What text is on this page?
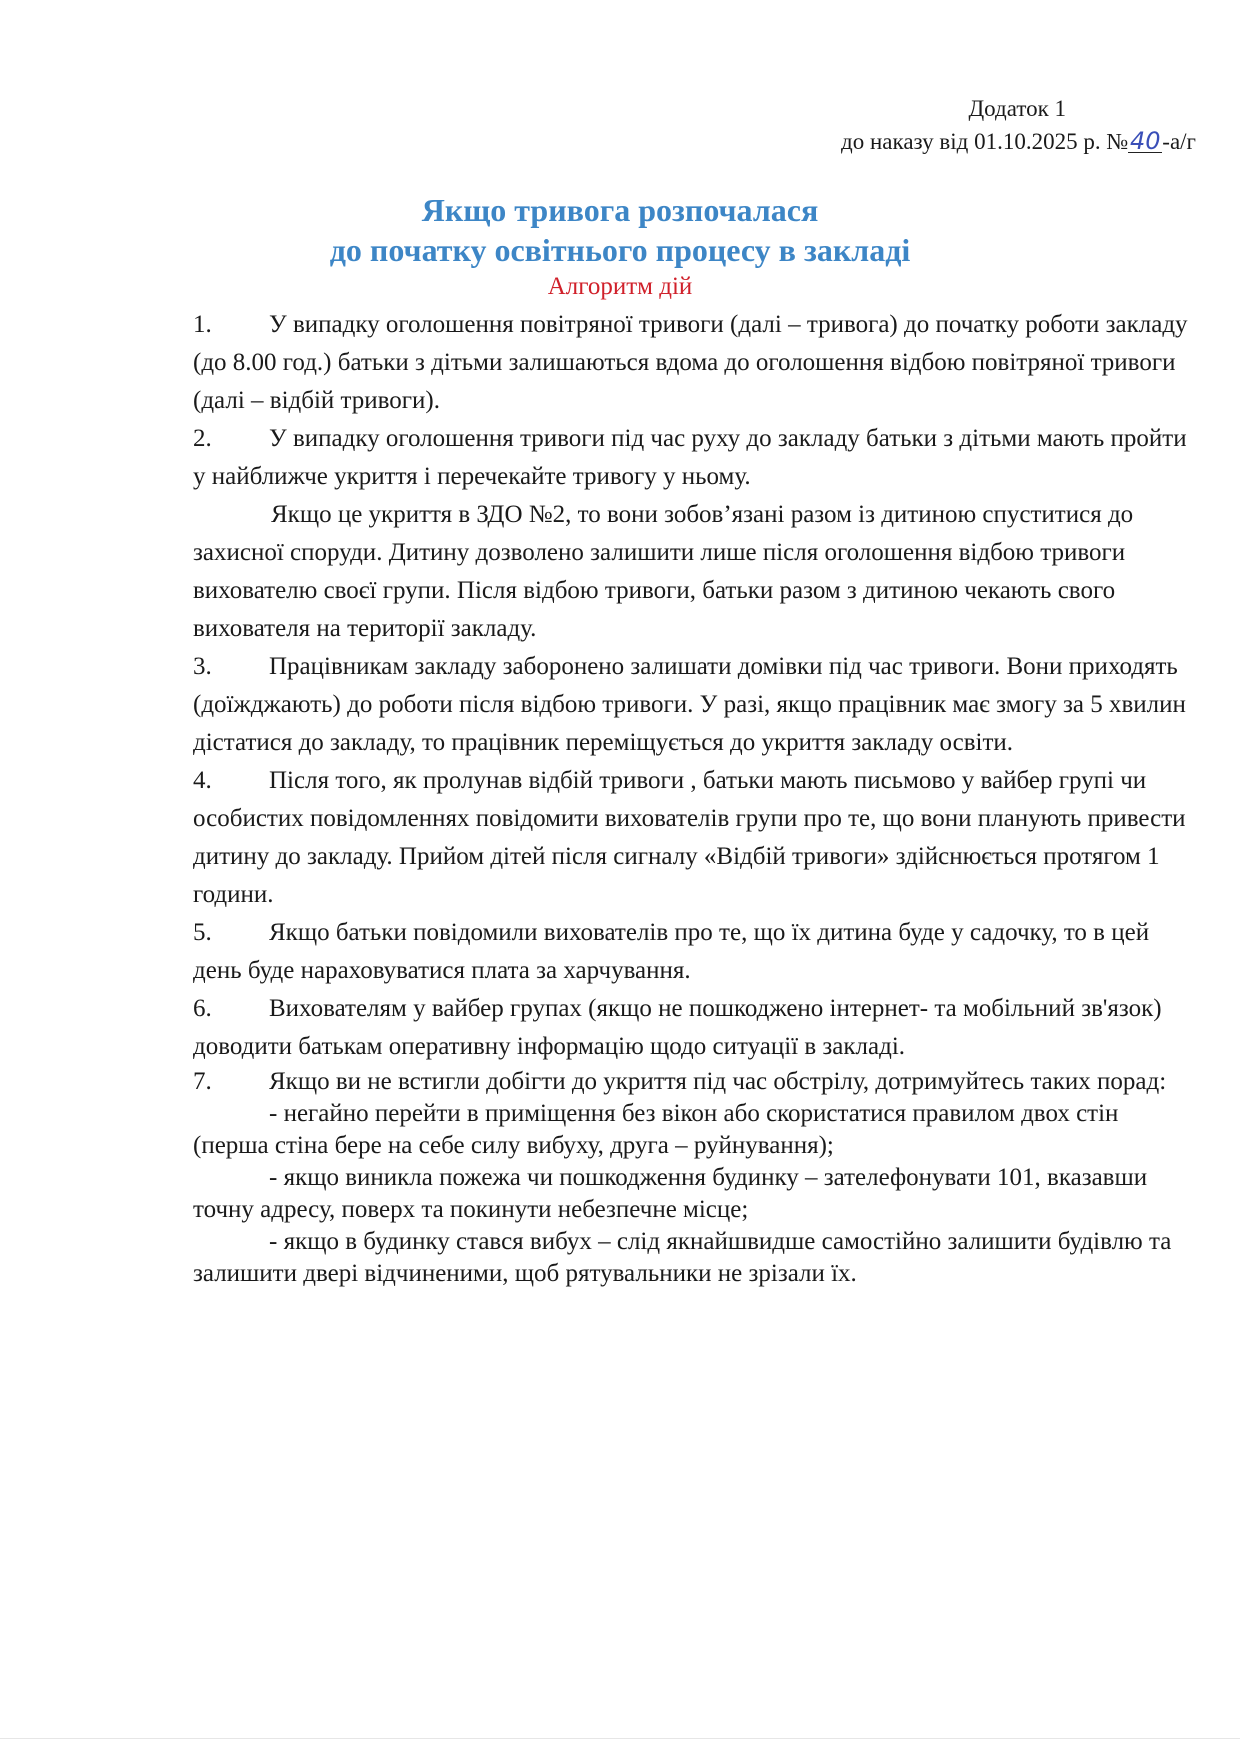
Додаток 1
до наказу від 01.10.2025 р. №40-а/г
Якщо тривога розпочалася
до початку освітнього процесу в закладі
Алгоритм дій

1. У випадку оголошення повітряної тривоги (далі – тривога) до початку роботи закладу (до 8.00 год.) батьки з дітьми залишаються вдома до оголошення відбою повітряної тривоги (далі – відбій тривоги).

2. У випадку оголошення тривоги під час руху до закладу батьки з дітьми мають пройти у найближче укриття і перечекайте тривогу у ньому.

Якщо це укриття в ЗДО №2, то вони зобов’язані разом із дитиною спуститися до захисної споруди. Дитину дозволено залишити лише після оголошення відбою тривоги вихователю своєї групи. Після відбою тривоги, батьки разом з дитиною чекають свого вихователя на території закладу.

3. Працівникам закладу заборонено залишати домівки під час тривоги. Вони приходять (доїжджають) до роботи після відбою тривоги. У разі, якщо працівник має змогу за 5 хвилин дістатися до закладу, то працівник переміщується до укриття закладу освіти.

4. Після того, як пролунав відбій тривоги , батьки мають письмово у вайбер групі чи особистих повідомленнях повідомити вихователів групи про те, що вони планують привести дитину до закладу. Прийом дітей після сигналу «Відбій тривоги» здійснюється протягом 1 години.

5. Якщо батьки повідомили вихователів про те, що їх дитина буде у садочку, то в цей день буде нараховуватися плата за харчування.

6. Вихователям у вайбер групах (якщо не пошкоджено інтернет- та мобільний зв'язок) доводити батькам оперативну інформацію щодо ситуації в закладі.

7. Якщо ви не встигли добігти до укриття під час обстрілу, дотримуйтесь таких порад:

- негайно перейти в приміщення без вікон або скористатися правилом двох стін (перша стіна бере на себе силу вибуху, друга – руйнування);

- якщо виникла пожежа чи пошкодження будинку – зателефонувати 101, вказавши точну адресу, поверх та покинути небезпечне місце;

- якщо в будинку стався вибух – слід якнайшвидше самостійно залишити будівлю та залишити двері відчиненими, щоб рятувальники не зрізали їх.
